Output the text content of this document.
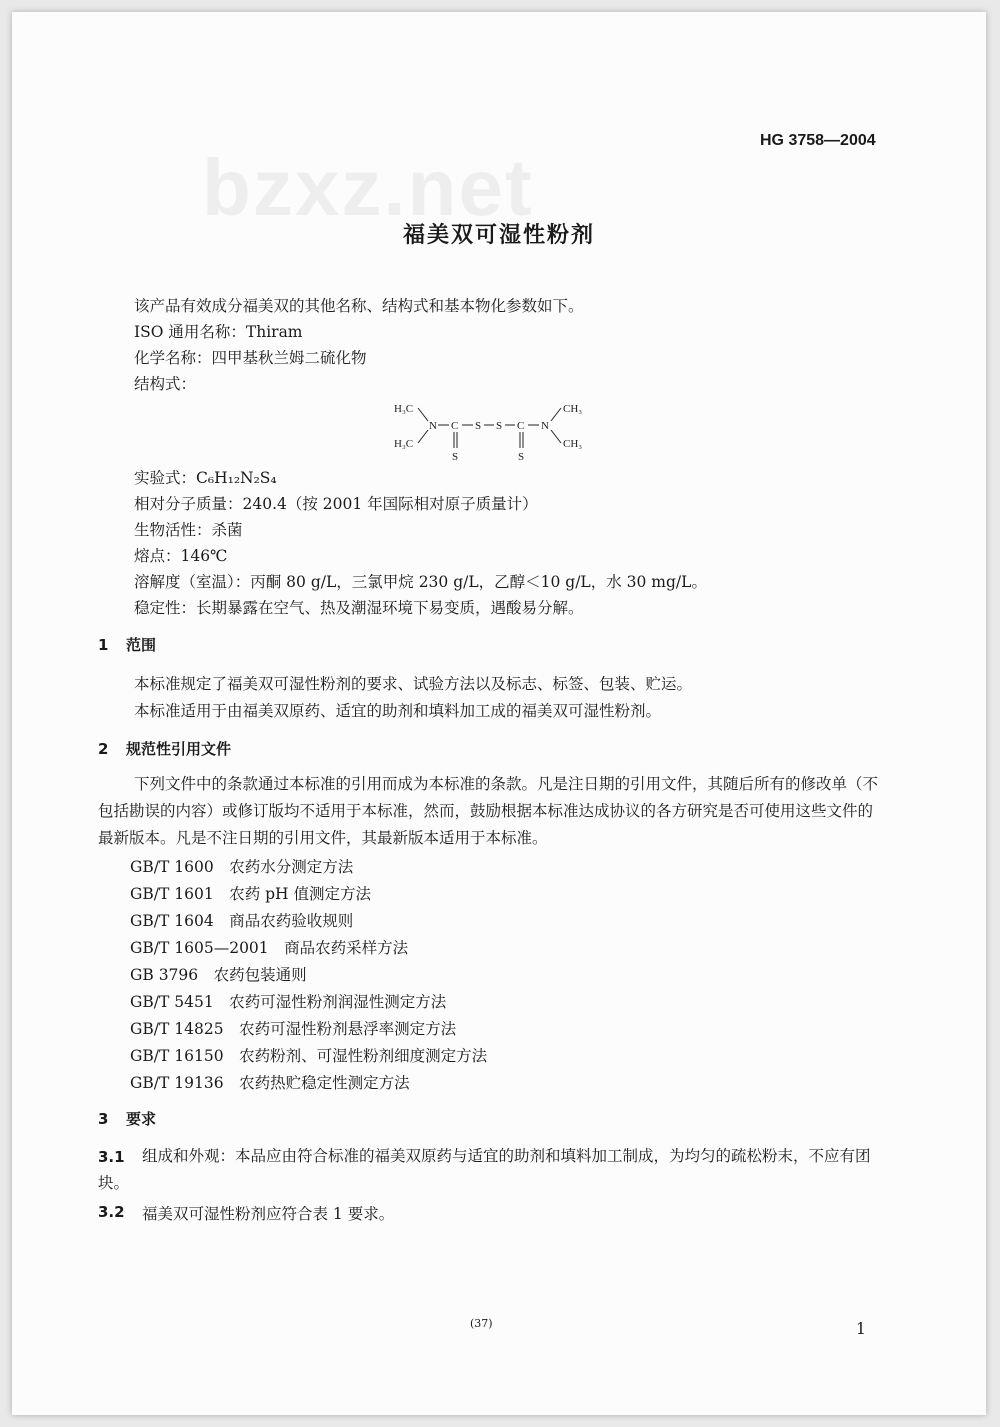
bzxz.net
HG 3758—2004
福美双可湿性粉剂
该产品有效成分福美双的其他名称、结构式和基本物化参数如下。
ISO 通用名称：Thiram
化学名称：四甲基秋兰姆二硫化物
结构式：
H₃C
H₃C
N C S S C N
CH₃
CH₃
S	S
实验式：C₆H₁₂N₂S₄
相对分子质量：240.4（按 2001 年国际相对原子质量计）
生物活性：杀菌
熔点：146℃
溶解度（室温）：丙酮 80 g/L，三氯甲烷 230 g/L，乙醇＜10 g/L，水 30 mg/L。
稳定性：长期暴露在空气、热及潮湿环境下易变质，遇酸易分解。
1 范围
本标准规定了福美双可湿性粉剂的要求、试验方法以及标志、标签、包装、贮运。
本标准适用于由福美双原药、适宜的助剂和填料加工成的福美双可湿性粉剂。
2 规范性引用文件
下列文件中的条款通过本标准的引用而成为本标准的条款。凡是注日期的引用文件，其随后所有的修改单（不包括勘误的内容）或修订版均不适用于本标准，然而，鼓励根据本标准达成协议的各方研究是否可使用这些文件的最新版本。凡是不注日期的引用文件，其最新版本适用于本标准。
GB/T 1600　农药水分测定方法
GB/T 1601　农药 pH 值测定方法
GB/T 1604　商品农药验收规则
GB/T 1605—2001　商品农药采样方法
GB 3796　农药包装通则
GB/T 5451　农药可湿性粉剂润湿性测定方法
GB/T 14825　农药可湿性粉剂悬浮率测定方法
GB/T 16150　农药粉剂、可湿性粉剂细度测定方法
GB/T 19136　农药热贮稳定性测定方法
3 要求
3.1	组成和外观：本品应由符合标准的福美双原药与适宜的助剂和填料加工制成，为均匀的疏松粉末，不应有团块。
3.2 福美双可湿性粉剂应符合表 1 要求。
(37)	1
